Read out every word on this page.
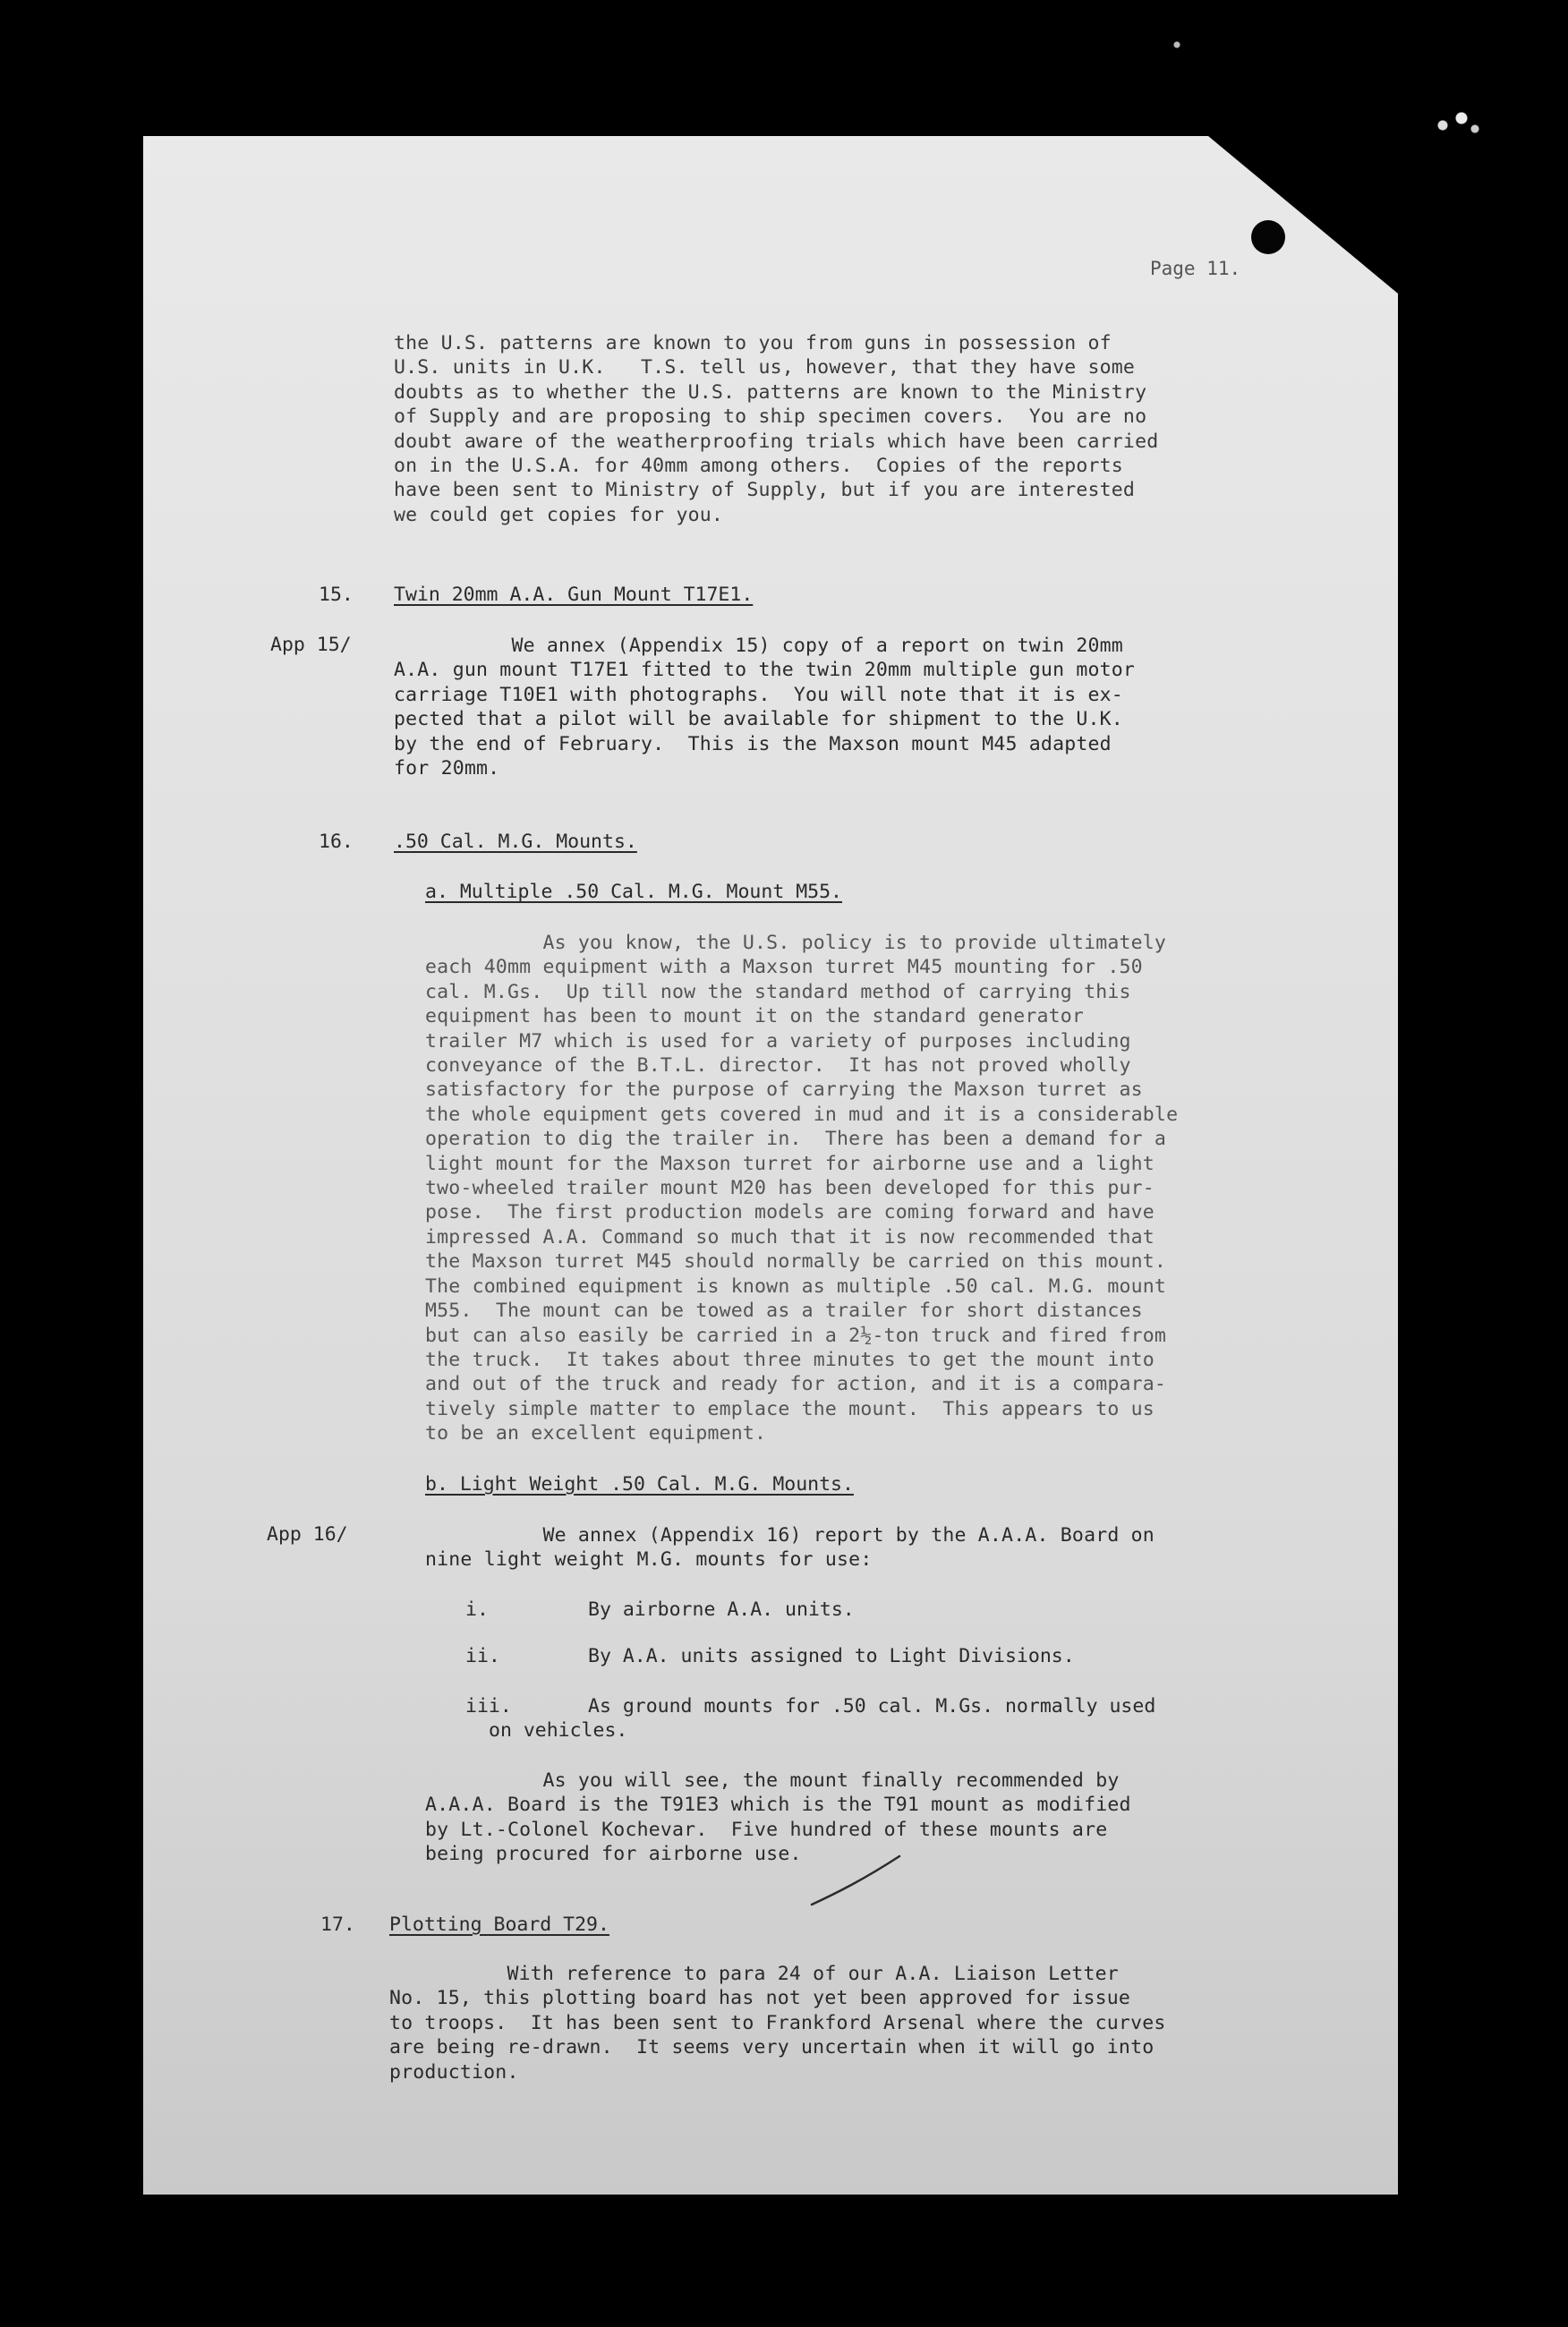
Page 11.
the U.S. patterns are known to you from guns in possession of
U.S. units in U.K.   T.S. tell us, however, that they have some
doubts as to whether the U.S. patterns are known to the Ministry
of Supply and are proposing to ship specimen covers.  You are no
doubt aware of the weatherproofing trials which have been carried
on in the U.S.A. for 40mm among others.  Copies of the reports
have been sent to Ministry of Supply, but if you are interested
we could get copies for you.
15. Twin 20mm A.A. Gun Mount T17E1.
App 15/ We annex (Appendix 15) copy of a report on twin 20mm
A.A. gun mount T17E1 fitted to the twin 20mm multiple gun motor
carriage T10E1 with photographs.  You will note that it is ex-
pected that a pilot will be available for shipment to the U.K.
by the end of February.  This is the Maxson mount M45 adapted
for 20mm.
16. .50 Cal. M.G. Mounts.
a. Multiple .50 Cal. M.G. Mount M55.
As you know, the U.S. policy is to provide ultimately
each 40mm equipment with a Maxson turret M45 mounting for .50
cal. M.Gs.  Up till now the standard method of carrying this
equipment has been to mount it on the standard generator
trailer M7 which is used for a variety of purposes including
conveyance of the B.T.L. director.  It has not proved wholly
satisfactory for the purpose of carrying the Maxson turret as
the whole equipment gets covered in mud and it is a considerable
operation to dig the trailer in.  There has been a demand for a
light mount for the Maxson turret for airborne use and a light
two-wheeled trailer mount M20 has been developed for this pur-
pose.  The first production models are coming forward and have
impressed A.A. Command so much that it is now recommended that
the Maxson turret M45 should normally be carried on this mount.
The combined equipment is known as multiple .50 cal. M.G. mount
M55.  The mount can be towed as a trailer for short distances
but can also easily be carried in a 2½-ton truck and fired from
the truck.  It takes about three minutes to get the mount into
and out of the truck and ready for action, and it is a compara-
tively simple matter to emplace the mount.  This appears to us
to be an excellent equipment.
b. Light Weight .50 Cal. M.G. Mounts.
App 16/	We annex (Appendix 16) report by the A.A.A. Board on
nine light weight M.G. mounts for use:
i.	By airborne A.A. units.
ii.	By A.A. units assigned to Light Divisions.
iii.	As ground mounts for .50 cal. M.Gs. normally used
on vehicles.
As you will see, the mount finally recommended by
A.A.A. Board is the T91E3 which is the T91 mount as modified
by Lt.-Colonel Kochevar.  Five hundred of these mounts are
being procured for airborne use.
17. Plotting Board T29.
With reference to para 24 of our A.A. Liaison Letter
No. 15, this plotting board has not yet been approved for issue
to troops.  It has been sent to Frankford Arsenal where the curves
are being re-drawn.  It seems very uncertain when it will go into
production.
